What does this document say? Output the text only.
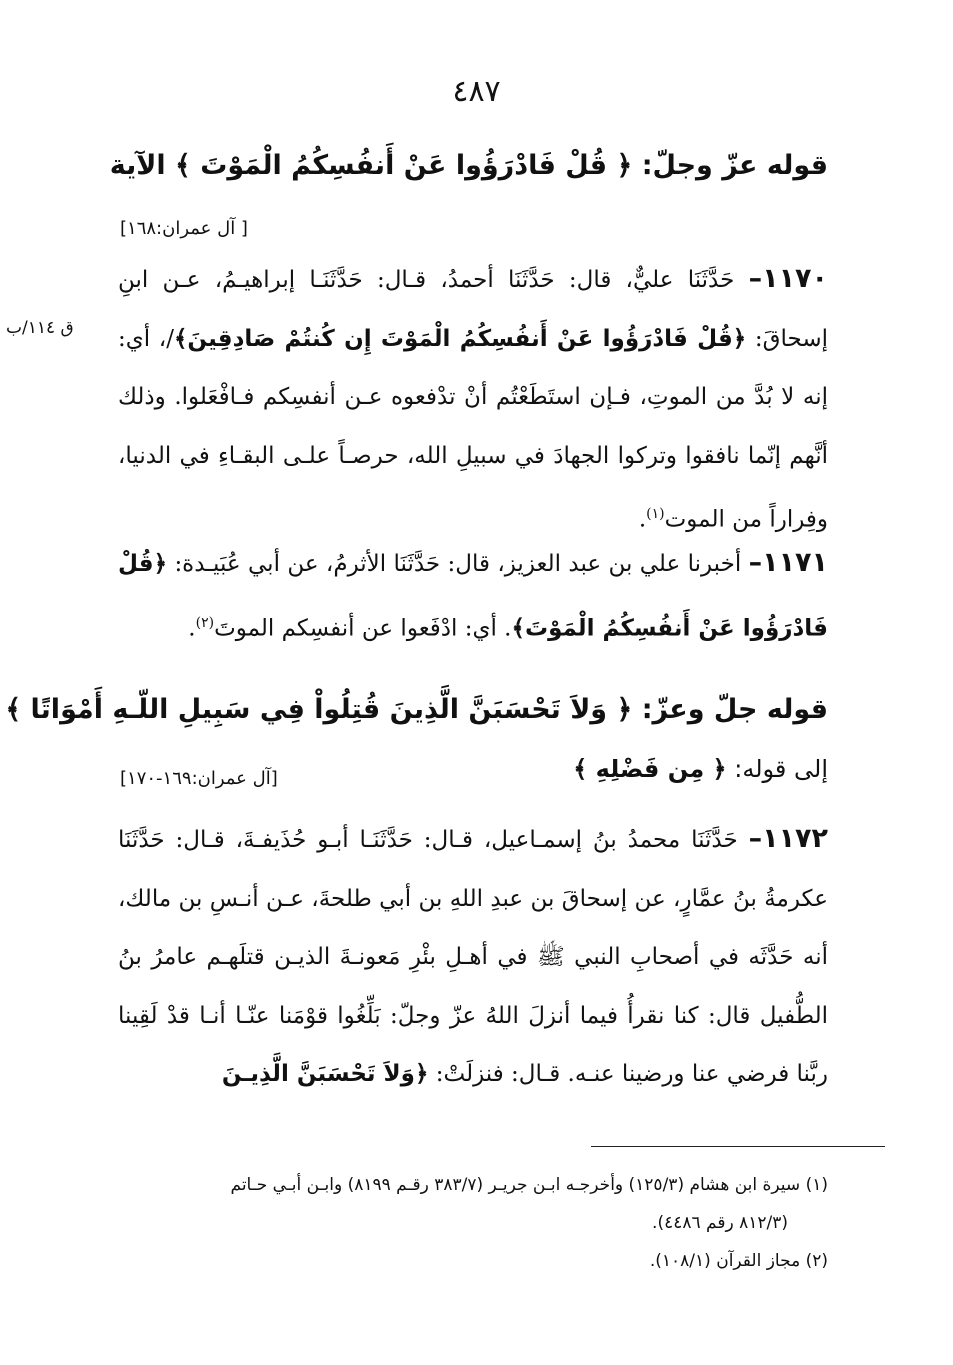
٤٨٧
قوله عزّ وجلّ: ﴿ قُلْ فَادْرَؤُوا عَنْ أَنفُسِكُمُ الْمَوْتَ ﴾ الآية
[ آل عمران:١٦٨]
١١٧٠– حَدَّثَنَا عليٌّ، قال: حَدَّثَنَا أحمدُ، قـال: حَدَّثَنَـا إبراهيـمُ، عـن ابنِ إسحاقَ: ﴿قُلْ فَادْرَؤُوا عَنْ أَنفُسِكُمُ الْمَوْتَ إِن كُنتُمْ صَادِقِينَ﴾/، أي: إنه لا بُدَّ من الموتِ، فـإن استَطَعْتُم أنْ تدْفعوه عـن أنفسِكم فـافْعَلوا. وذلك أنَّهم إنّما نافقوا وتركوا الجهادَ في سبيلِ الله، حرصـاً علـى البقـاءِ في الدنيا، وفِراراً من الموت$^{(١)}$.
ق ١١٤/ب
١١٧١– أخبرنا علي بن عبد العزيز، قال: حَدَّثَنَا الأثرمُ، عن أبي عُبَيـدة: ﴿قُلْ فَادْرَؤُوا عَنْ أَنفُسِكُمُ الْمَوْتَ﴾. أي: ادْفَعوا عن أنفسِكم الموتَ$^{(٢)}$.
قوله جلّ وعزّ: ﴿ وَلاَ تَحْسَبَنَّ الَّذِينَ قُتِلُواْ فِي سَبِيلِ اللّـهِ أَمْوَاتًا ﴾
إلى قوله: ﴿ مِن فَضْلِهِ ﴾
[آل عمران:١٦٩-١٧٠]
١١٧٢– حَدَّثَنَا محمدُ بنُ إسمـاعيل، قـال: حَدَّثَنَـا أبـو حُذَيفـةَ، قـال: حَدَّثَنَا عكرمةُ بنُ عمَّارٍ، عن إسحاقَ بن عبدِ اللهِ بن أبي طلحةَ، عـن أنـسِ بن مالك، أنه حَدَّثَه في أصحابِ النبي ﷺ في أهـلِ بئْرِ مَعونـةَ الذيـن قتلَهـم عامرُ بنُ الطُّفيل قال: كنا نقرأُ فيما أنزلَ اللهُ عزّ وجلّ: بَلِّغُوا قوْمَنا عنّـا أنـا قدْ لَقِينا ربَّنا فرضي عنا ورضينا عنـه. قـال: فنزلَتْ: ﴿وَلاَ تَحْسَبَنَّ الَّذِيـنَ

(١) سيرة ابن هشام (١٢٥/٣) وأخرجـه ابـن جريـر (٣٨٣/٧ رقـم ٨١٩٩) وابـن أبـي حـاتم

(٨١٢/٣ رقم ٤٤٨٦).

(٢) مجاز القرآن (١٠٨/١).
